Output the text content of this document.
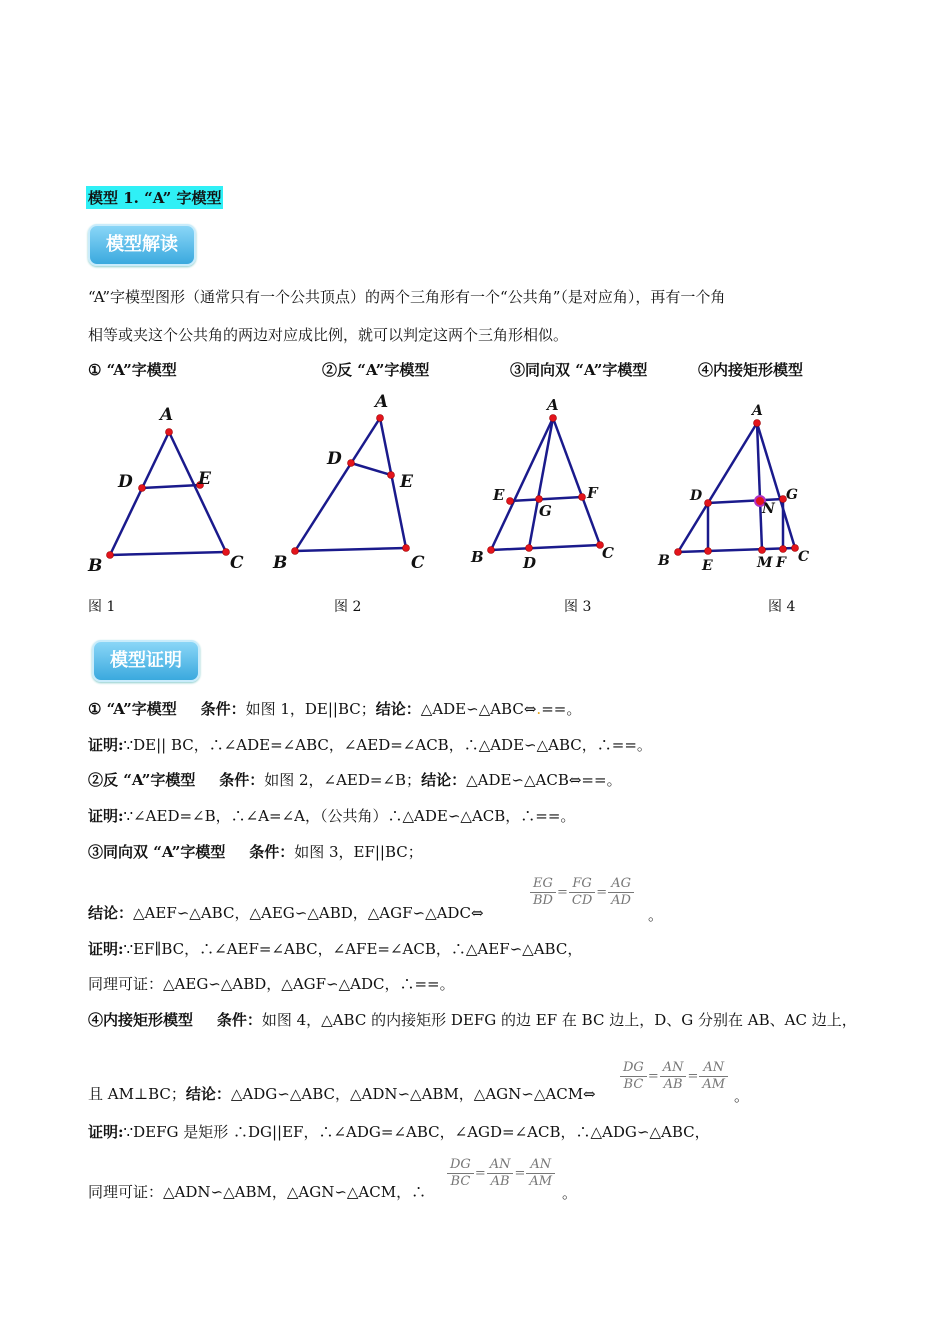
模型 1. “A” 字模型
模型解读
“A”字模型图形（通常只有一个公共顶点）的两个三角形有一个“公共角”（是对应角），再有一个角
相等或夹这个公共角的两边对应成比例，就可以判定这两个三角形相似。
① “A”字模型	②反 “A”字模型	③同向双 “A”字模型	④内接矩形模型
A
D	E
B	C
A
D
E
B	C
A
E	F
G
B	D
C
A
D	G
N
B E	M F C
图 1	图 2	图 3	图 4
模型证明
① “A”字模型 条件：如图 1，DE||BC；结论：△ADE∽△ABC⇔.==。
证明:∵DE|| BC，∴∠ADE=∠ABC，∠AED=∠ACB，∴△ADE∽△ABC，∴==。
②反 “A”字模型 条件：如图 2，∠AED=∠B；结论：△ADE∽△ACB⇔==。
证明:∵∠AED=∠B，∴∠A=∠A，（公共角）∴△ADE∽△ACB，∴==。
③同向双 “A”字模型 条件：如图 3，EF||BC；
结论：△AEF∽△ABC，△AEG∽△ABD，△AGF∽△ADC⇔
$\frac{EG}{BD} = \frac{FG}{CD} = \frac{AG}{AD}$
。
证明:∵EF∥BC，∴∠AEF=∠ABC，∠AFE=∠ACB，∴△AEF∽△ABC，
同理可证：△AEG∽△ABD，△AGF∽△ADC，∴==。
④内接矩形模型 条件：如图 4，△ABC 的内接矩形 DEFG 的边 EF 在 BC 边上，D、G 分别在 AB、AC 边上，
且 AM⊥BC；结论：△ADG∽△ABC，△ADN∽△ABM，△AGN∽△ACM⇔
$\frac{DG}{BC} = \frac{AN}{AB} = \frac{AN}{AM}$
。
证明:∵DEFG 是矩形 ∴DG||EF，∴∠ADG=∠ABC，∠AGD=∠ACB，∴△ADG∽△ABC，
同理可证：△ADN∽△ABM，△AGN∽△ACM，∴
$\frac{DG}{BC} = \frac{AN}{AB} = \frac{AN}{AM}$
。
